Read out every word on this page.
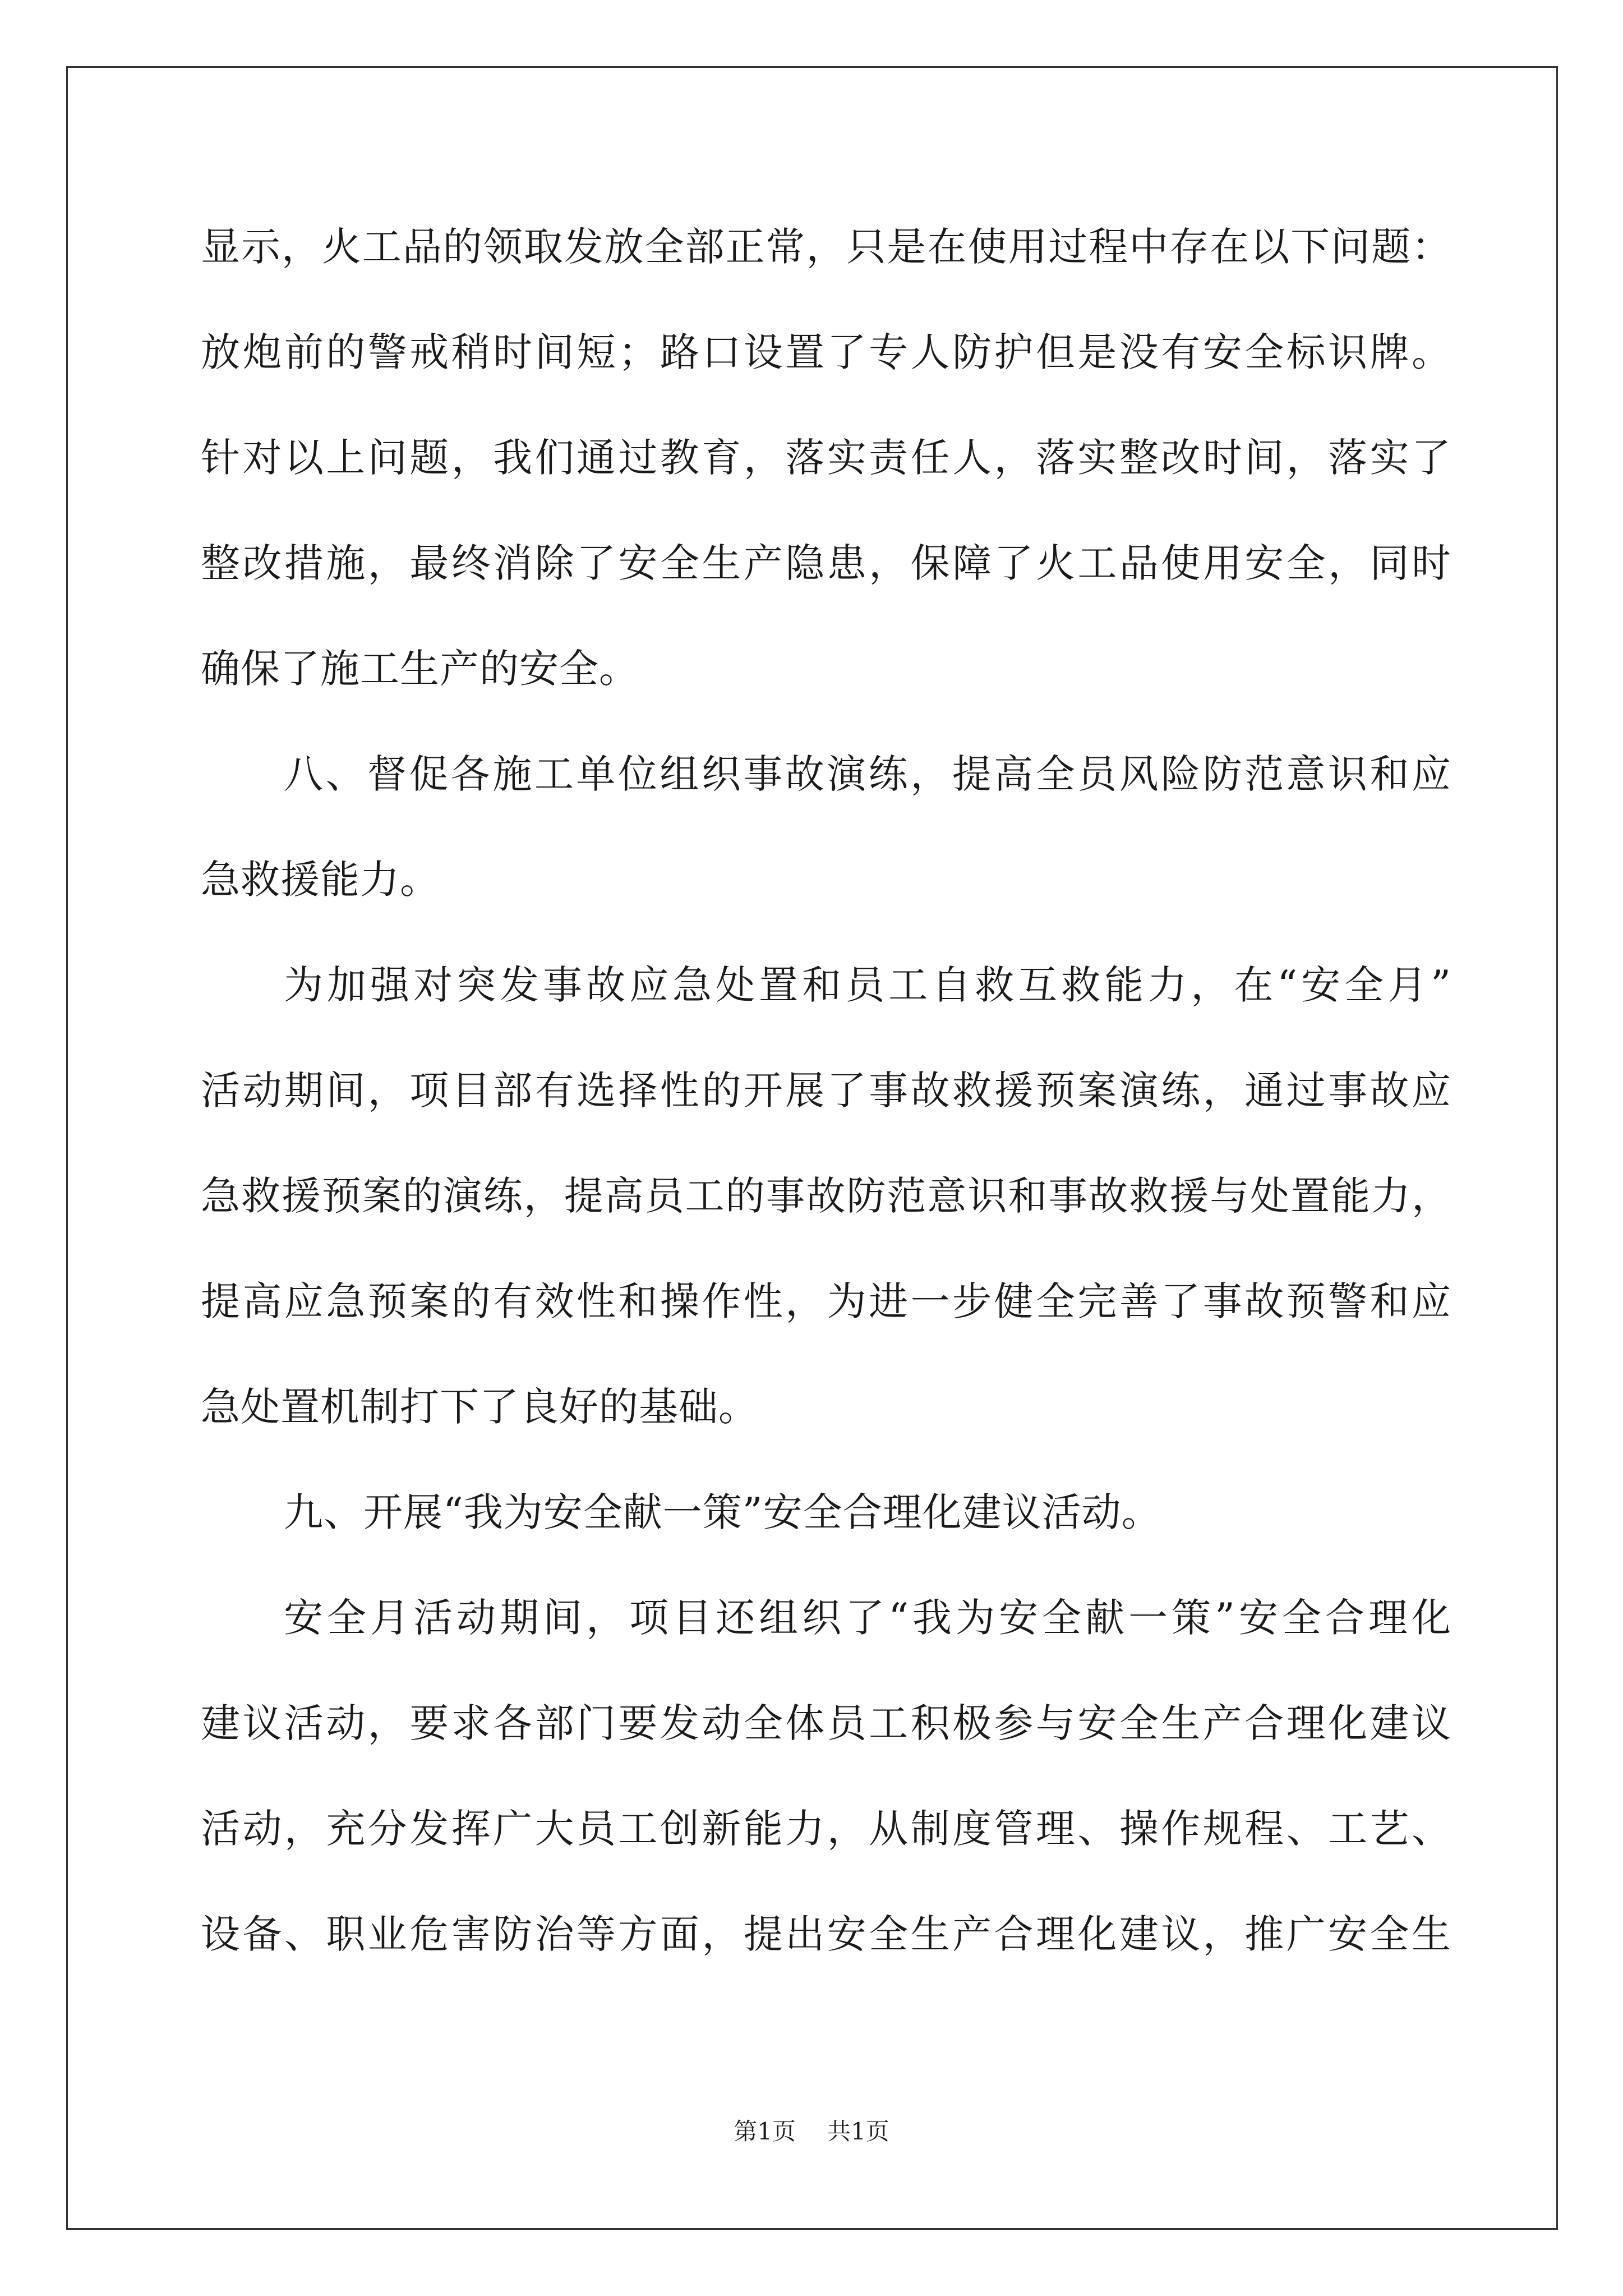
显示，火工品的领取发放全部正常，只是在使用过程中存在以下问题：
放炮前的警戒稍时间短；路口设置了专人防护但是没有安全标识牌。
针对以上问题，我们通过教育，落实责任人，落实整改时间，落实了
整改措施，最终消除了安全生产隐患，保障了火工品使用安全，同时
确保了施工生产的安全。
八、督促各施工单位组织事故演练，提高全员风险防范意识和应
急救援能力。
为加强对突发事故应急处置和员工自救互救能力，在“安全月”
活动期间，项目部有选择性的开展了事故救援预案演练，通过事故应
急救援预案的演练，提高员工的事故防范意识和事故救援与处置能力，
提高应急预案的有效性和操作性，为进一步健全完善了事故预警和应
急处置机制打下了良好的基础。
九、开展“我为安全献一策”安全合理化建议活动。
安全月活动期间，项目还组织了“我为安全献一策”安全合理化
建议活动，要求各部门要发动全体员工积极参与安全生产合理化建议
活动，充分发挥广大员工创新能力，从制度管理、操作规程、工艺、
设备、职业危害防治等方面，提出安全生产合理化建议，推广安全生
第1页 共1页
